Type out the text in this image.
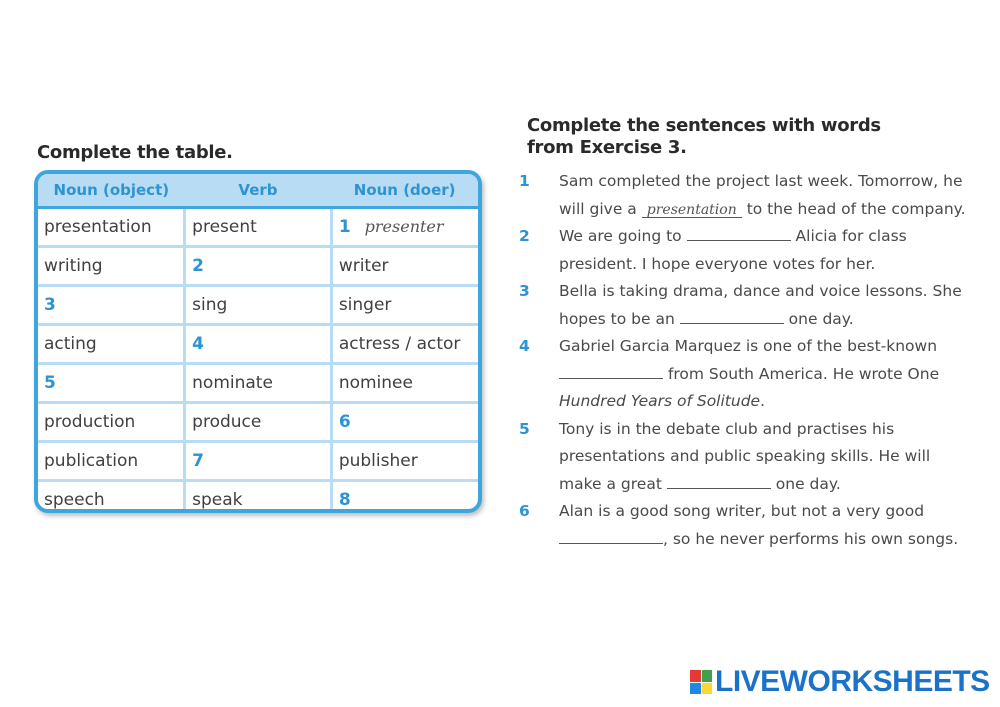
Complete the table.
Noun (object)	Verb	Noun (doer)
presentation	present	1 presenter
writing	2	writer
3	sing	singer
acting	4	actress / actor
5	nominate	nominee
production	produce	6
publication	7	publisher
speech	speak	8
Complete the sentences with words from Exercise 3.
1	Sam completed the project last week. Tomorrow, he will give a presentation to the head of the company.
2	We are going to	Alicia for class president. I hope everyone votes for her.
3	Bella is taking drama, dance and voice lessons. She hopes to be an	one day.
4	Gabriel Garcia Marquez is one of the best-known  from South America. He wrote One Hundred Years of Solitude.
5	Tony is in the debate club and practises his presentations and public speaking skills. He will make a great	one day.
6	Alan is a good song writer, but not a very good , so he never performs his own songs.
LIVEWORKSHEETS
